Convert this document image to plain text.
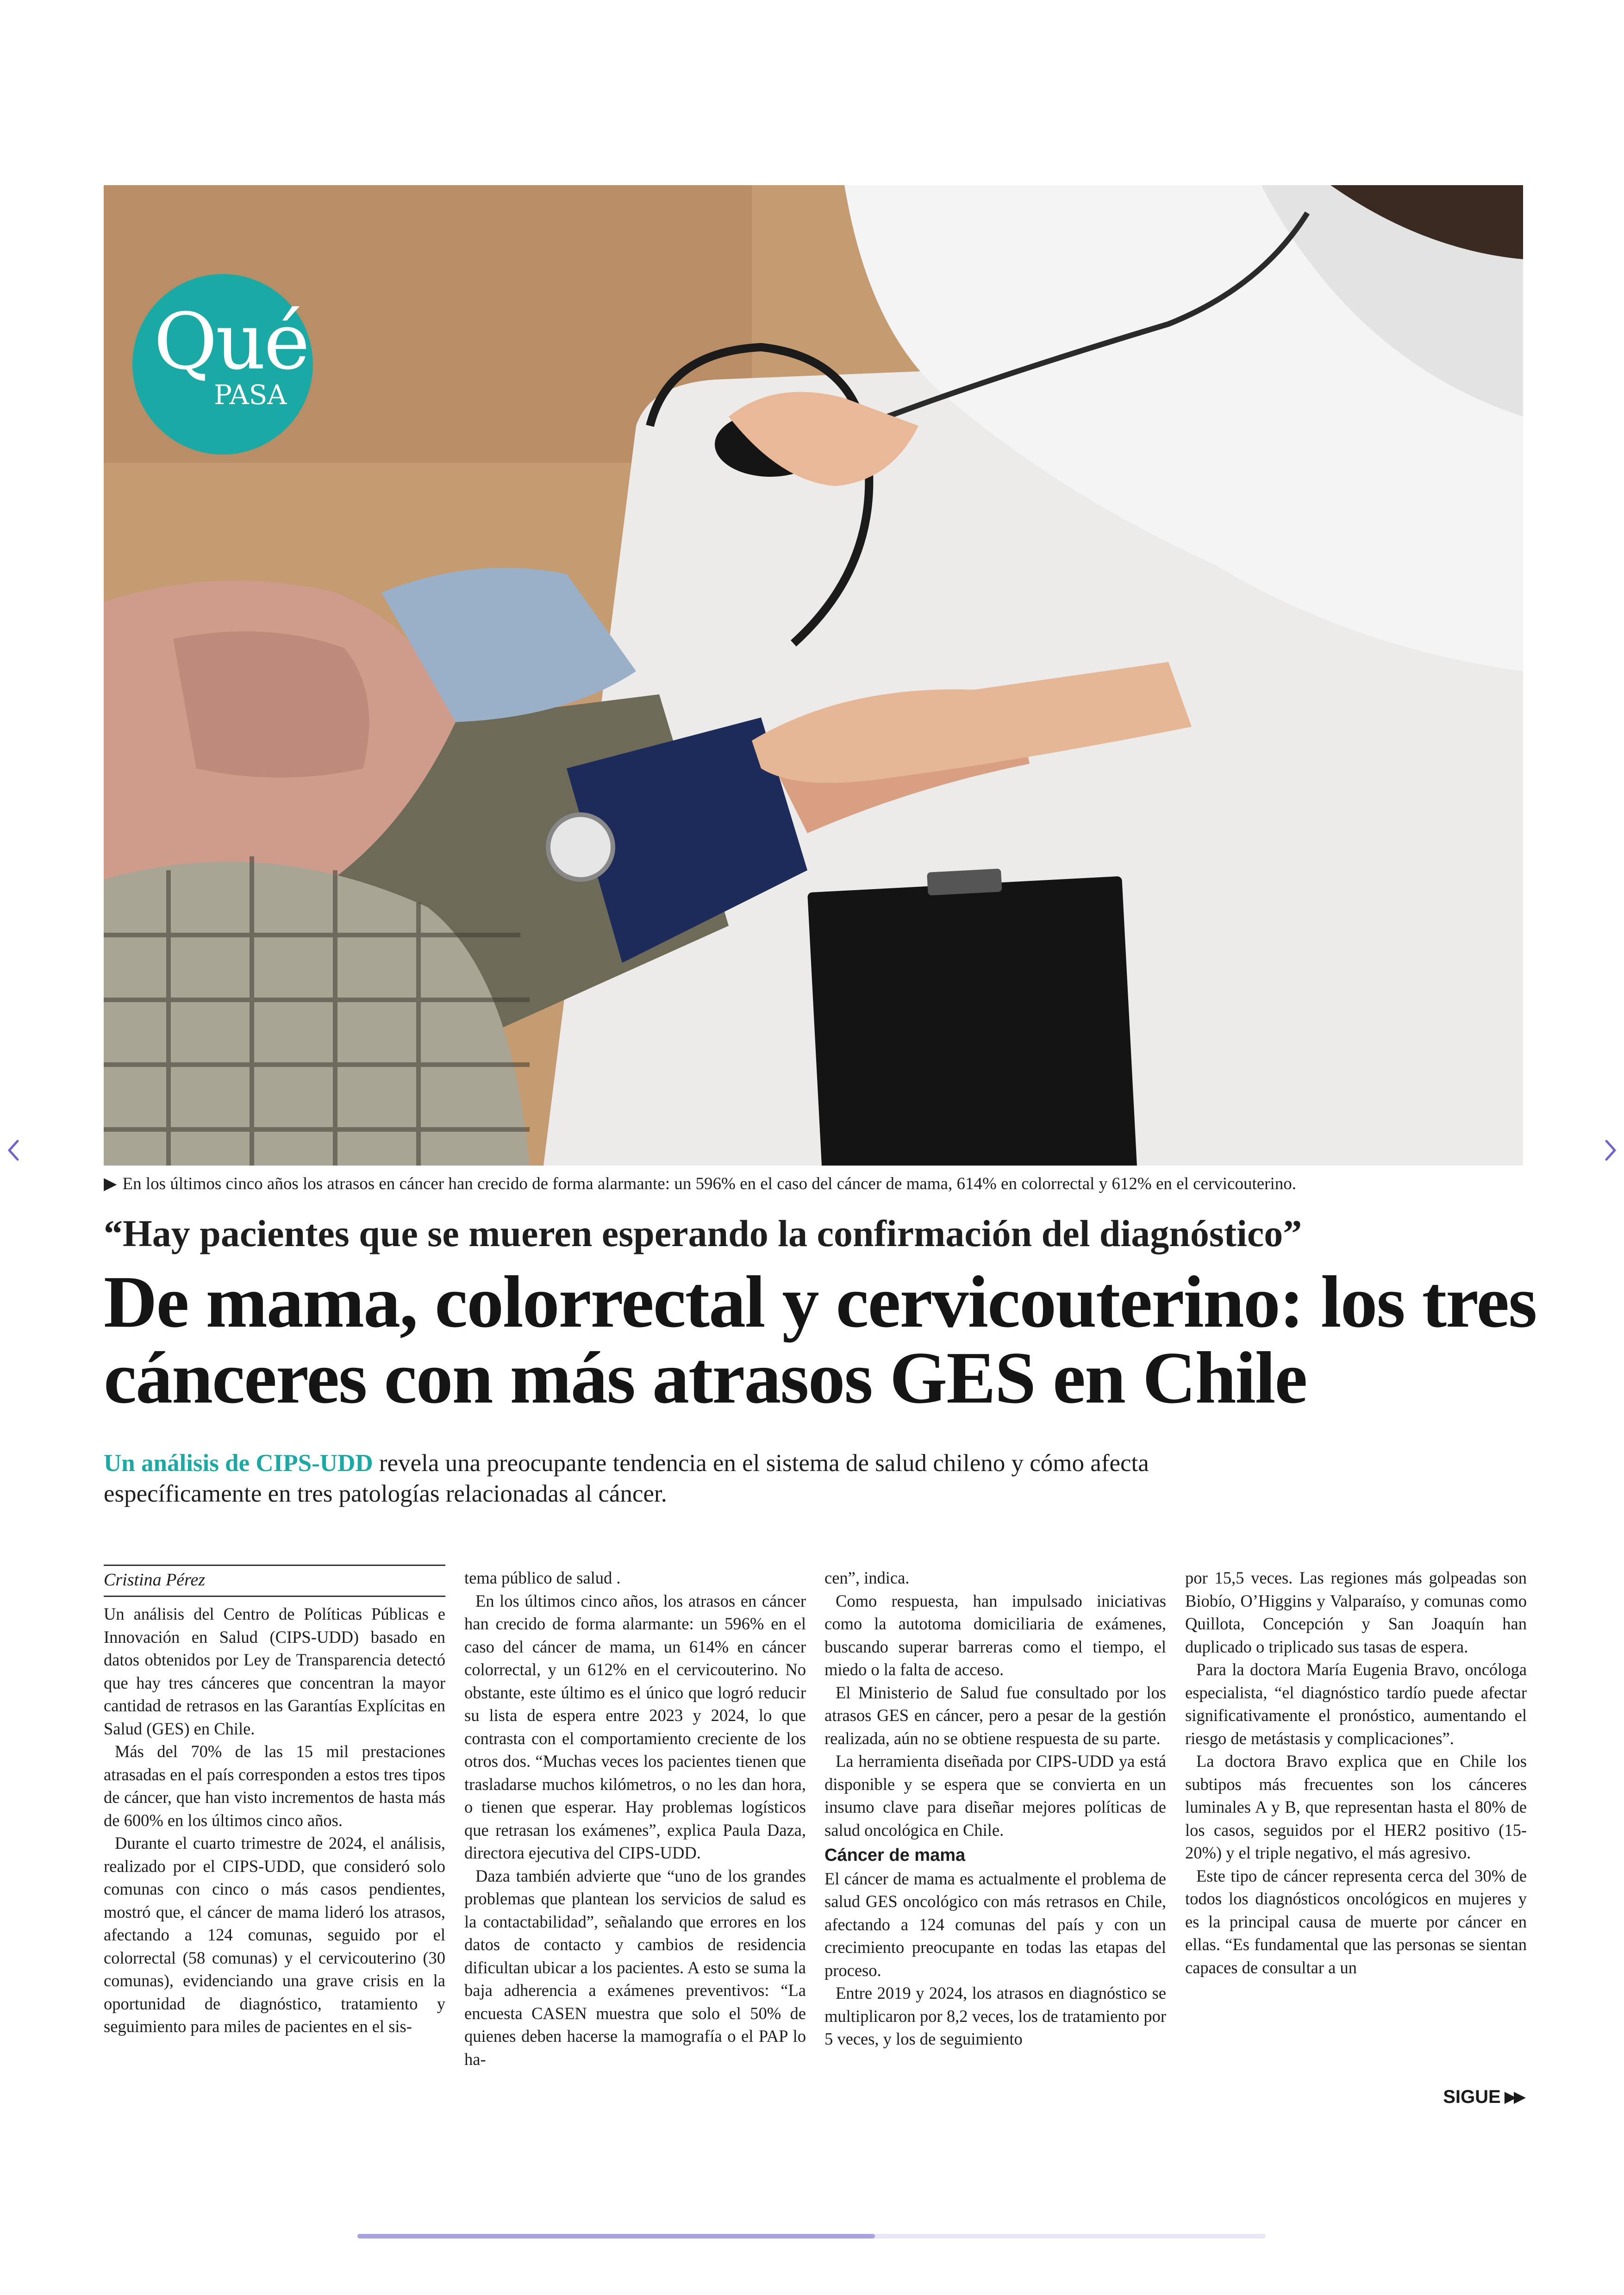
Qué
PASA
▶ En los últimos cinco años los atrasos en cáncer han crecido de forma alarmante: un 596% en el caso del cáncer de mama, 614% en colorrectal y 612% en el cervicouterino.
“Hay pacientes que se mueren esperando la confirmación del diagnóstico”
De mama, colorrectal y cervicouterino: los tres cánceres con más atrasos GES en Chile
Un análisis de CIPS-UDD revela una preocupante tendencia en el sistema de salud chileno y cómo afecta específicamente en tres patologías relacionadas al cáncer.
Cristina Pérez

Un análisis del Centro de Políticas Públicas e Innovación en Salud (CIPS-UDD) basado en datos obtenidos por Ley de Transparencia detectó que hay tres cánceres que concentran la mayor cantidad de retrasos en las Garantías Explícitas en Salud (GES) en Chile.

Más del 70% de las 15 mil prestaciones atrasadas en el país corresponden a estos tres tipos de cáncer, que han visto incrementos de hasta más de 600% en los últimos cinco años.

Durante el cuarto trimestre de 2024, el análisis, realizado por el CIPS-UDD, que consideró solo comunas con cinco o más casos pendientes, mostró que, el cáncer de mama lideró los atrasos, afectando a 124 comunas, seguido por el colorrectal (58 comunas) y el cervicouterino (30 comunas), evidenciando una grave crisis en la oportunidad de diagnóstico, tratamiento y seguimiento para miles de pacientes en el sis-

tema público de salud .

En los últimos cinco años, los atrasos en cáncer han crecido de forma alarmante: un 596% en el caso del cáncer de mama, un 614% en cáncer colorrectal, y un 612% en el cervicouterino. No obstante, este último es el único que logró reducir su lista de espera entre 2023 y 2024, lo que contrasta con el comportamiento creciente de los otros dos. “Muchas veces los pacientes tienen que trasladarse muchos kilómetros, o no les dan hora, o tienen que esperar. Hay problemas logísticos que retrasan los exámenes”, explica Paula Daza, directora ejecutiva del CIPS-UDD.

Daza también advierte que “uno de los grandes problemas que plantean los servicios de salud es la contactabilidad”, señalando que errores en los datos de contacto y cambios de residencia dificultan ubicar a los pacientes. A esto se suma la baja adherencia a exámenes preventivos: “La encuesta CASEN muestra que solo el 50% de quienes deben hacerse la mamografía o el PAP lo ha-

cen”, indica.

Como respuesta, han impulsado iniciativas como la autotoma domiciliaria de exámenes, buscando superar barreras como el tiempo, el miedo o la falta de acceso.

El Ministerio de Salud fue consultado por los atrasos GES en cáncer, pero a pesar de la gestión realizada, aún no se obtiene respuesta de su parte.

La herramienta diseñada por CIPS-UDD ya está disponible y se espera que se convierta en un insumo clave para diseñar mejores políticas de salud oncológica en Chile.

Cáncer de mama

El cáncer de mama es actualmente el problema de salud GES oncológico con más retrasos en Chile, afectando a 124 comunas del país y con un crecimiento preocupante en todas las etapas del proceso.

Entre 2019 y 2024, los atrasos en diagnóstico se multiplicaron por 8,2 veces, los de tratamiento por 5 veces, y los de seguimiento

por 15,5 veces. Las regiones más golpeadas son Biobío, O’Higgins y Valparaíso, y comunas como Quillota, Concepción y San Joaquín han duplicado o triplicado sus tasas de espera.

Para la doctora María Eugenia Bravo, oncóloga especialista, “el diagnóstico tardío puede afectar significativamente el pronóstico, aumentando el riesgo de metástasis y complicaciones”.

La doctora Bravo explica que en Chile los subtipos más frecuentes son los cánceres luminales A y B, que representan hasta el 80% de los casos, seguidos por el HER2 positivo (15-20%) y el triple negativo, el más agresivo.

Este tipo de cáncer representa cerca del 30% de todos los diagnósticos oncológicos en mujeres y es la principal causa de muerte por cáncer en ellas. “Es fundamental que las personas se sientan capaces de consultar a un

SIGUE ▶▶
